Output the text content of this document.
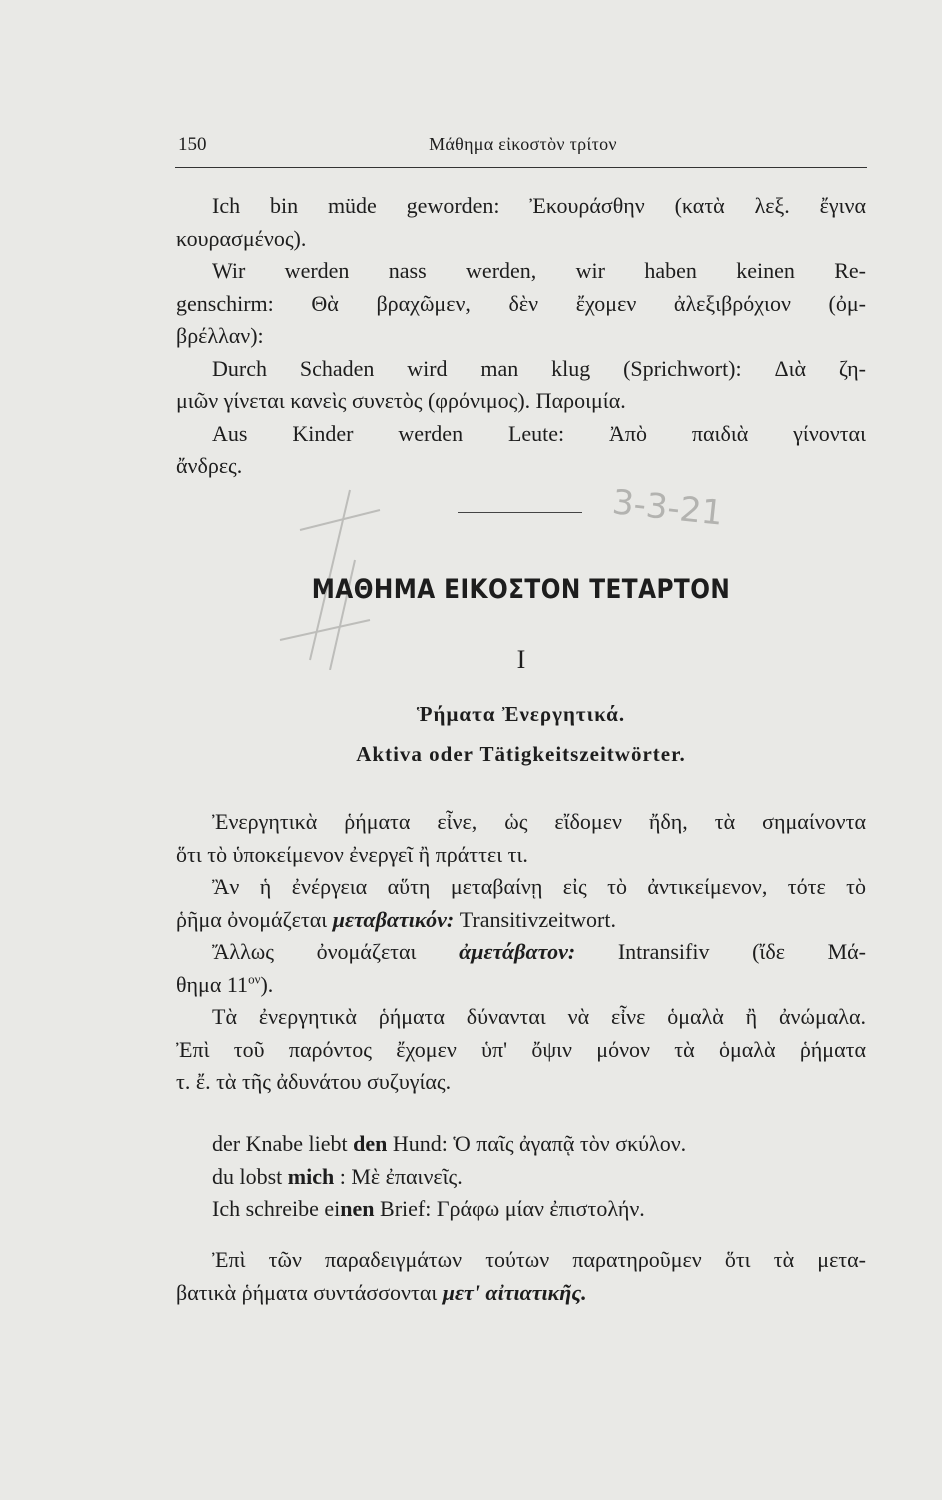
150	Μάθημα εἰκοστὸν τρίτον
Ich bin müde geworden: Ἐκουράσθην (κατὰ λεξ. ἔγινα
κουρασμένος).
Wir werden nass werden, wir haben keinen Re-
genschirm: Θὰ βραχῶμεν, δὲν ἔχομεν ἀλεξιβρόχιον (ὀμ-
βρέλλαν):
Durch Schaden wird man klug (Sprichwort): Διὰ ζη-
μιῶν γίνεται κανεὶς συνετὸς (φρόνιμος). Παροιμία.
Aus Kinder werden Leute: Ἀπὸ παιδιὰ γίνονται
ἄνδρες.
3-3-21
ΜΑΘΗΜΑ ΕΙΚΟΣΤΟΝ ΤΕΤΑΡΤΟΝ
I
Ῥήματα Ἐνεργητικά.
Aktiva oder Tätigkeitszeitwörter.
Ἐνεργητικὰ ῥήματα εἶνε, ὡς εἴδομεν ἤδη, τὰ σημαίνοντα
ὅτι τὸ ὑποκείμενον ἐνεργεῖ ἢ πράττει τι.
Ἂν ἡ ἐνέργεια αὕτη μεταβαίνῃ εἰς τὸ ἀντικείμενον, τότε τὸ
ῥῆμα ὀνομάζεται μεταβατικόν: Transitivzeitwort.
Ἄλλως ὀνομάζεται ἀμετάβατον: Intransifiv (ἴδε Μά-
θημα $11^{o\nu}$).
Τὰ ἐνεργητικὰ ῥήματα δύνανται νὰ εἶνε ὁμαλὰ ἢ ἀνώμαλα.
Ἐπὶ τοῦ παρόντος ἔχομεν ὑπ' ὄψιν μόνον τὰ ὁμαλὰ ῥήματα
τ. ἔ. τὰ τῆς ἀδυνάτου συζυγίας.
der Knabe liebt den Hund: Ὁ παῖς ἀγαπᾷ τὸν σκύλον.
du lobst mich : Μὲ ἐπαινεῖς.
Ich schreibe einen Brief: Γράφω μίαν ἐπιστολήν.
Ἐπὶ τῶν παραδειγμάτων τούτων παρατηροῦμεν ὅτι τὰ μετα-
βατικὰ ῥήματα συντάσσονται μετ' αἰτιατικῆς.
